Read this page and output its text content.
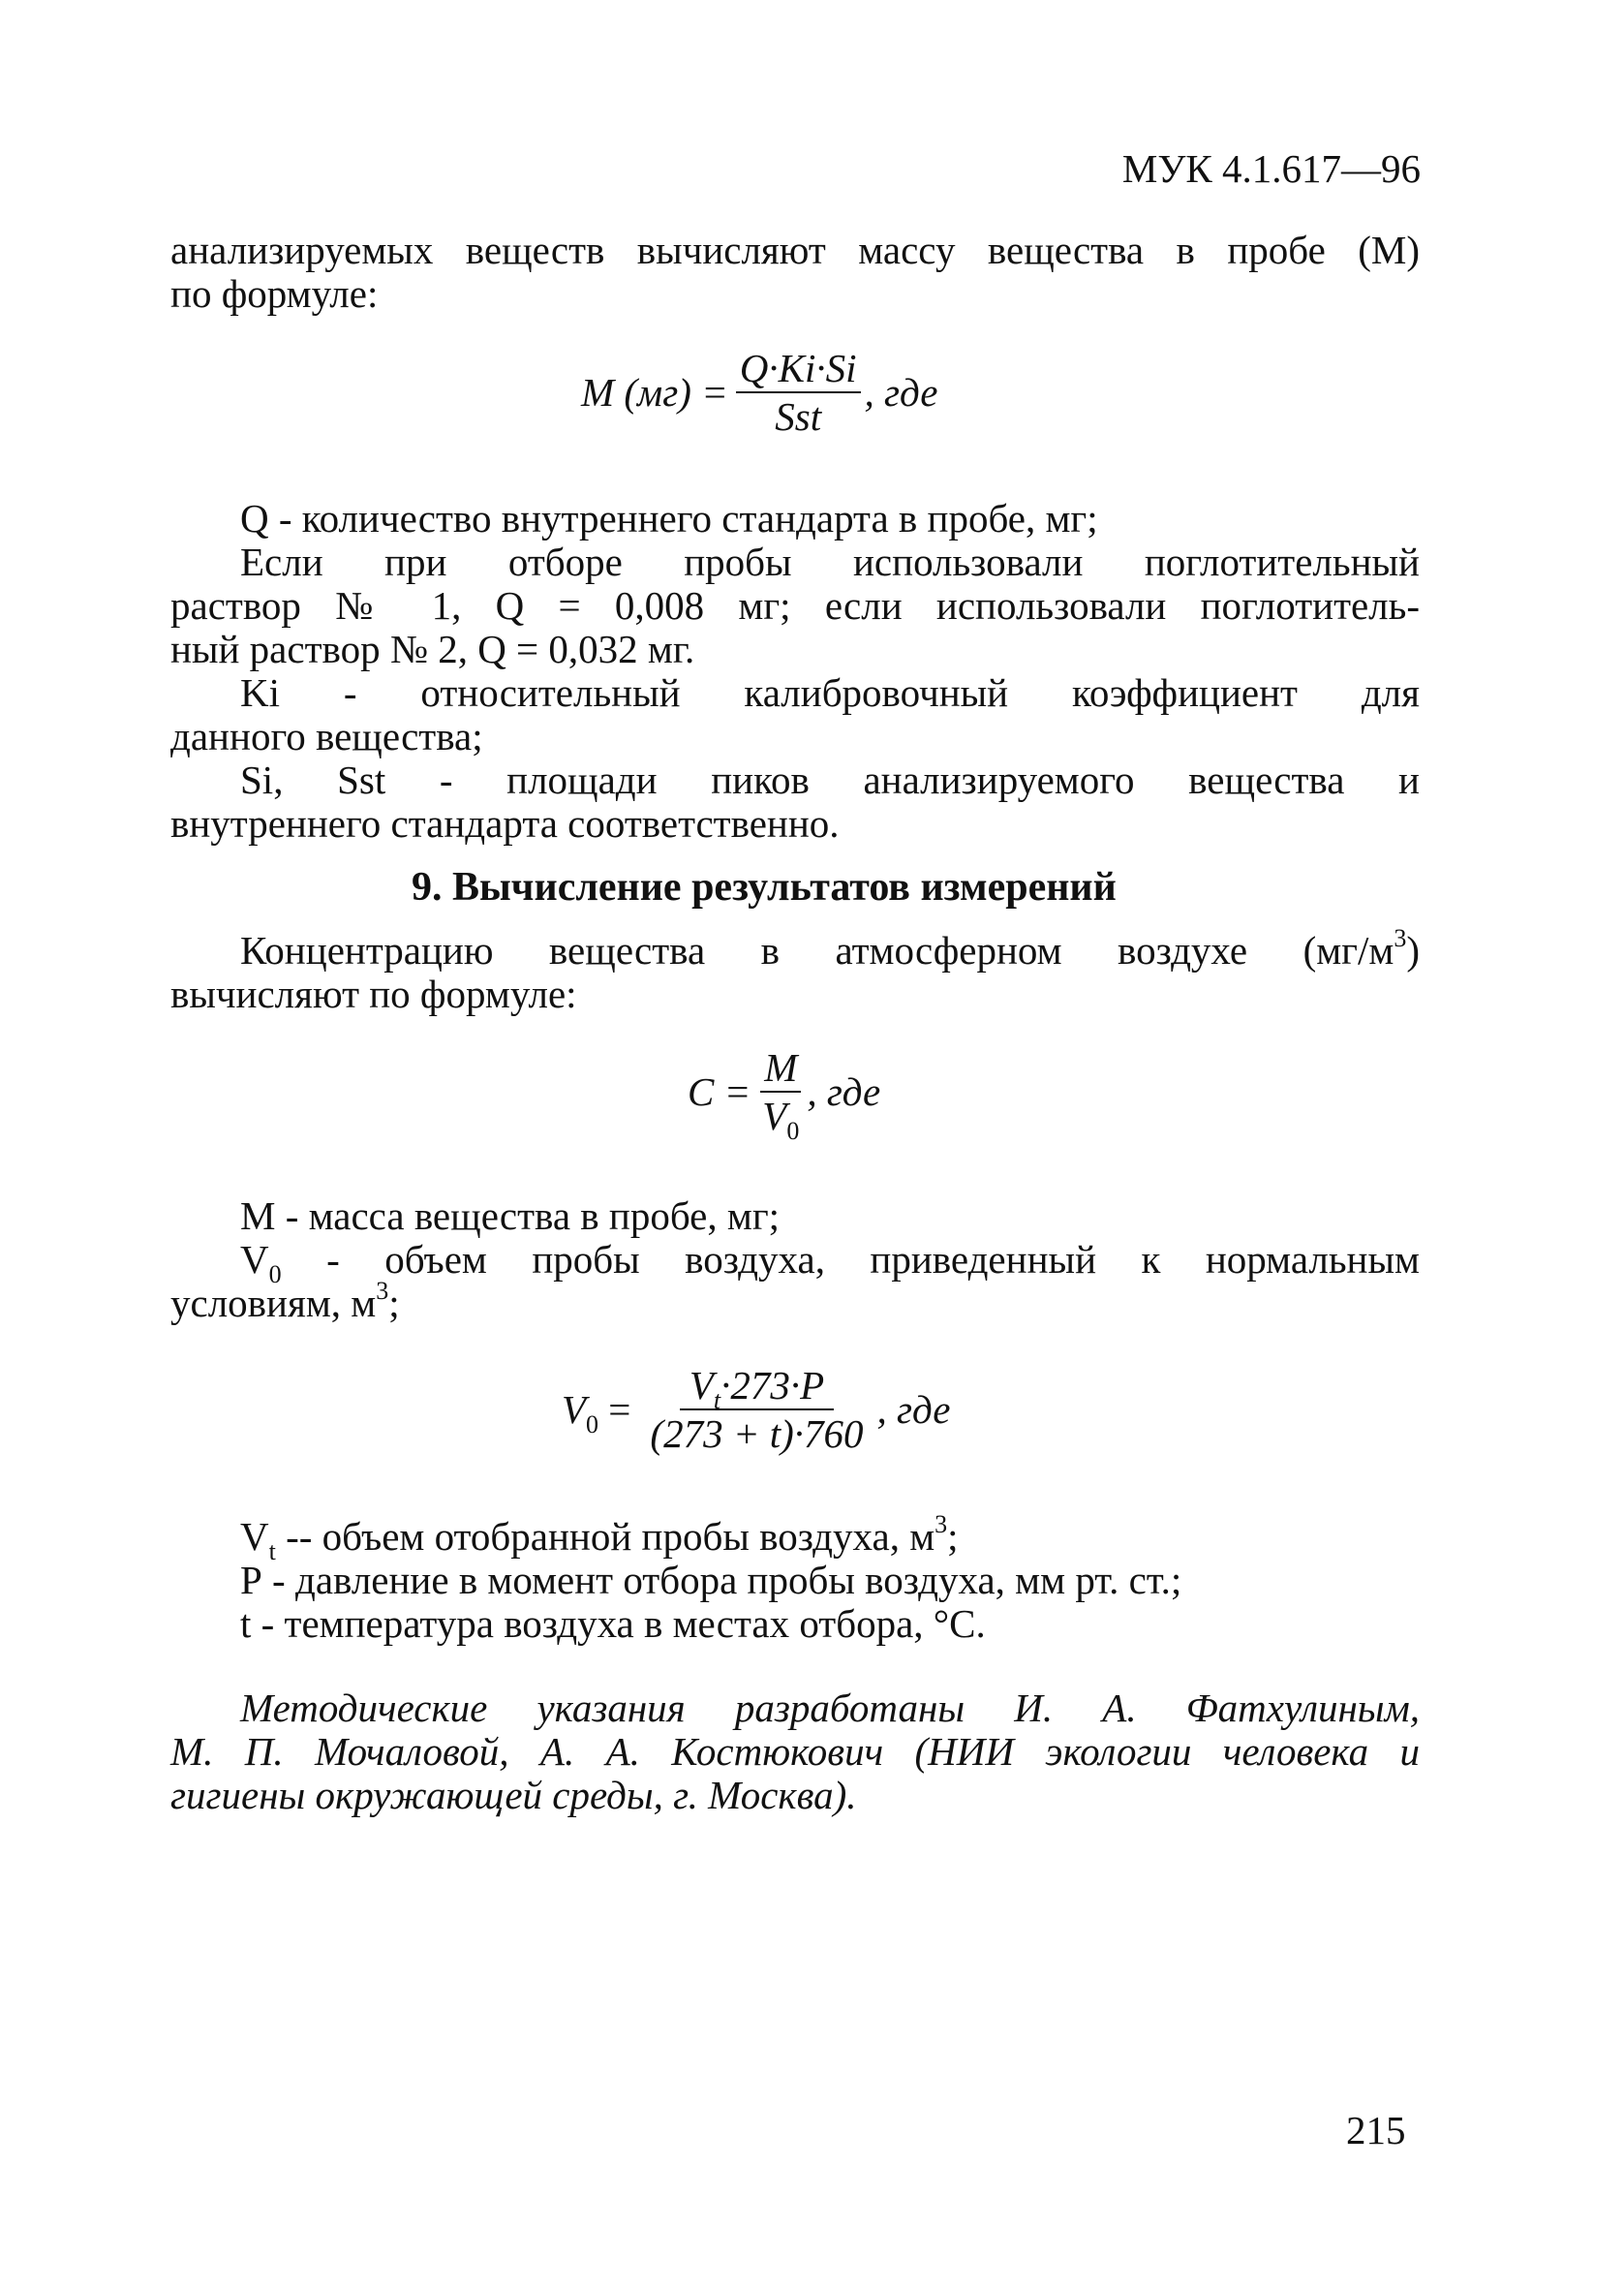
МУК 4.1.617—96
анализируемых веществ вычисляют массу вещества в пробе (М)
по формуле:
M $(мг) = \frac{Q\cdot Ki\cdot Si}{\text{Sst}}$ , где
Q - количество внутреннего стандарта в пробе, мг;
Если при отборе пробы использовали поглотительный
раствор № 1, Q = 0,008 мг; если использовали поглотитель-
ный раствор № 2, Q = 0,032 мг.
Ki - относительный калибровочный коэффициент для
данного вещества;
Si, Sst - площади пиков анализируемого вещества и
внутреннего стандарта соответственно.
9. Вычисление результатов измерений
Концентрацию вещества в атмосферном воздухе $(мг/м^3)$
вычисляют по формуле:
$C = \frac{M}{V_0}$ , где
М - масса вещества в пробе, мг;
$V_0$ - объем пробы воздуха, приведенный к нормальным
условиям, $м^3$;
$V_0 = \frac{V_t\cdot 273\cdot P}{(273 + t)\cdot 760}$ , где
$V_t$ -- объем отобранной пробы воздуха, $м^3$;
Р - давление в момент отбора пробы воздуха, мм рт. ст.;
t - температура воздуха в местах отбора, °С.
Методические указания разработаны И. А. Фатхулиным,
М. П. Мочаловой, А. А. Костюкович (НИИ экологии человека и
гигиены окружающей среды, г. Москва).
215
